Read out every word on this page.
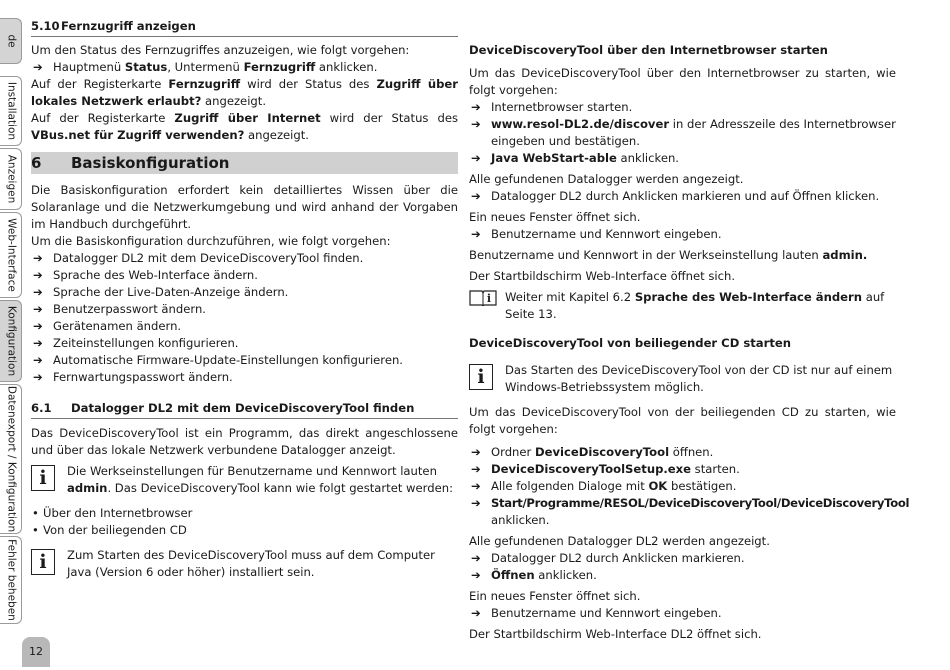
de
Installation
Anzeigen
Web-Interface
Konfiguration
Datenexport / Konfiguration
Fehler beheben
12
5.10 Fernzugriff anzeigen

Um den Status des Fernzugriffes anzuzeigen, wie folgt vorgehen:

➔ Hauptmenü Status, Untermenü Fernzugriff anklicken.

Auf der Registerkarte Fernzugriff wird der Status des Zugriff über lokales Netzwerk erlaubt? angezeigt.

Auf der Registerkarte Zugriff über Internet wird der Status des VBus.net für Zugriff verwenden? angezeigt.

6 Basiskonfiguration

Die Basiskonfiguration erfordert kein detailliertes Wissen über die Solaranlage und die Netzwerkumgebung und wird anhand der Vorgaben im Handbuch durchgeführt.

Um die Basiskonfiguration durchzuführen, wie folgt vorgehen:

➔ Datalogger DL2 mit dem DeviceDiscoveryTool finden.
➔ Sprache des Web-Interface ändern.
➔ Sprache der Live-Daten-Anzeige ändern.
➔ Benutzerpasswort ändern.
➔ Gerätenamen ändern.
➔ Zeiteinstellungen konfigurieren.
➔ Automatische Firmware-Update-Einstellungen konfigurieren.
➔ Fernwartungspasswort ändern.
6.1 Datalogger DL2 mit dem DeviceDiscoveryTool finden

Das DeviceDiscoveryTool ist ein Programm, das direkt angeschlossene und über das lokale Netzwerk verbundene Datalogger anzeigt.

i	Die Werkseinstellungen für Benutzername und Kennwort lauten admin. Das DeviceDiscoveryTool kann wie folgt gestartet werden:
• Über den Internetbrowser
• Von der beiliegenden CD
i	Zum Starten des DeviceDiscoveryTool muss auf dem Computer Java (Version 6 oder höher) installiert sein.
DeviceDiscoveryTool über den Internetbrowser starten

Um das DeviceDiscoveryTool über den Internetbrowser zu starten, wie folgt vorgehen:

➔ Internetbrowser starten.
➔ www.resol-DL2.de/discover in der Adresszeile des Internetbrowser eingeben und bestätigen.
➔ Java WebStart-able anklicken.

Alle gefundenen Datalogger werden angezeigt.

➔ Datalogger DL2 durch Anklicken markieren und auf Öffnen klicken.

Ein neues Fenster öffnet sich.

➔ Benutzername und Kennwort eingeben.

Benutzername und Kennwort in der Werkseinstellung lauten admin.

Der Startbildschirm Web-Interface öffnet sich.

i Weiter mit Kapitel 6.2 Sprache des Web-Interface ändern auf Seite 13.
DeviceDiscoveryTool von beiliegender CD starten
i	Das Starten des DeviceDiscoveryTool von der CD ist nur auf einem Windows-Betriebssystem möglich.

Um das DeviceDiscoveryTool von der beiliegenden CD zu starten, wie folgt vorgehen:

➔ Ordner DeviceDiscoveryTool öffnen.
➔ DeviceDiscoveryToolSetup.exe starten.
➔ Alle folgenden Dialoge mit OK bestätigen.
➔ Start/Programme/RESOL/DeviceDiscoveryTool/DeviceDiscoveryTool
anklicken.

Alle gefundenen Datalogger DL2 werden angezeigt.

➔ Datalogger DL2 durch Anklicken markieren.
➔ Öffnen anklicken.

Ein neues Fenster öffnet sich.

➔ Benutzername und Kennwort eingeben.

Der Startbildschirm Web-Interface DL2 öffnet sich.
